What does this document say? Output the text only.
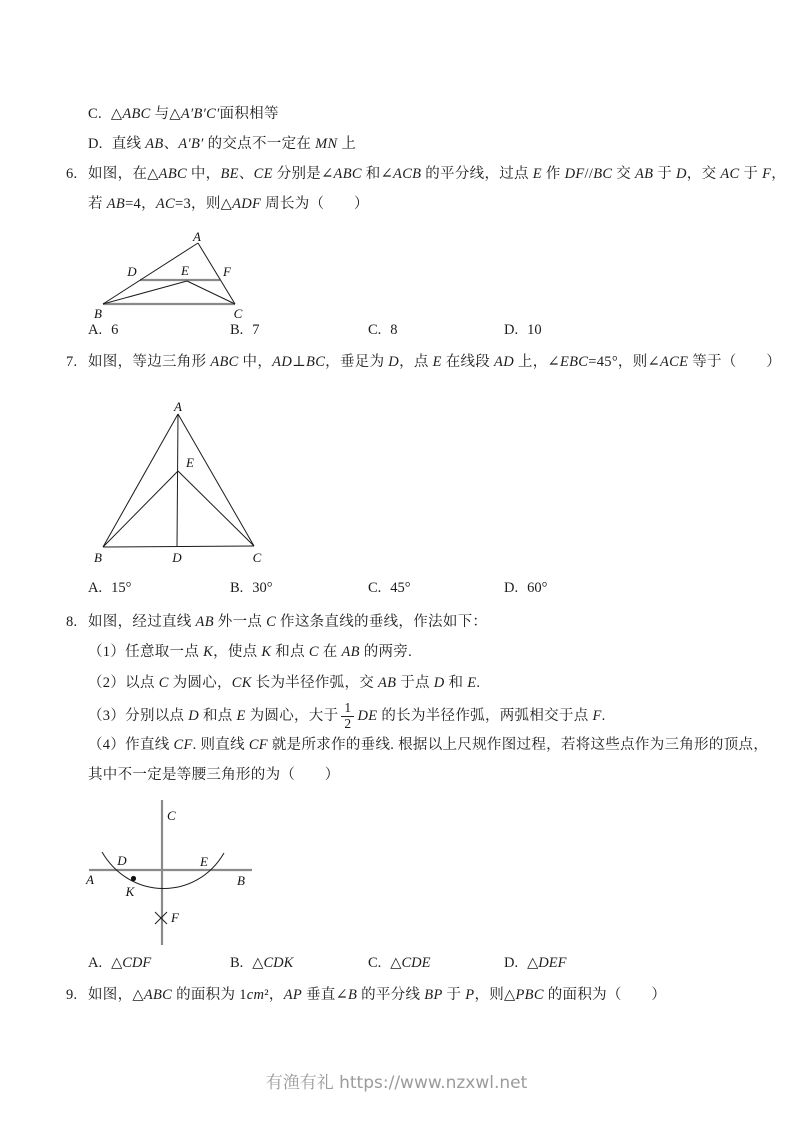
C. △ABC 与△A′B′C′面积相等
D. 直线 AB、A′B′ 的交点不一定在 MN 上
6. 如图，在△ABC 中，BE、CE 分别是∠ABC 和∠ACB 的平分线，过点 E 作 DF//BC 交 AB 于 D，交 AC 于 F，
若 AB=4，AC=3，则△ADF 周长为（　　）
A
D	E	F
B	C
A. 6	B. 7	C. 8	D. 10
7. 如图，等边三角形 ABC 中，AD⊥BC，垂足为 D，点 E 在线段 AD 上，∠EBC=45°，则∠ACE 等于（　　）
A
E
B	D	C
A. 15°	B. 30°	C. 45°	D. 60°
8. 如图，经过直线 AB 外一点 C 作这条直线的垂线，作法如下：
（1）任意取一点 K，使点 K 和点 C 在 AB 的两旁.
（2）以点 C 为圆心，CK 长为半径作弧，交 AB 于点 D 和 E.
（3）分别以点 D 和点 E 为圆心，大于 $\frac{1}{2}$ DE 的长为半径作弧，两弧相交于点 F.
（4）作直线 CF. 则直线 CF 就是所求作的垂线. 根据以上尺规作图过程，若将这些点作为三角形的顶点，
其中不一定是等腰三角形的为（　　）
C
A	B
D	E
K
F
A. △CDF	B. △CDK	C. △CDE	D. △DEF
9. 如图，△ABC 的面积为 1cm²，AP 垂直∠B 的平分线 BP 于 P，则△PBC 的面积为（　　）
有渔有礼 https://www.nzxwl.net
